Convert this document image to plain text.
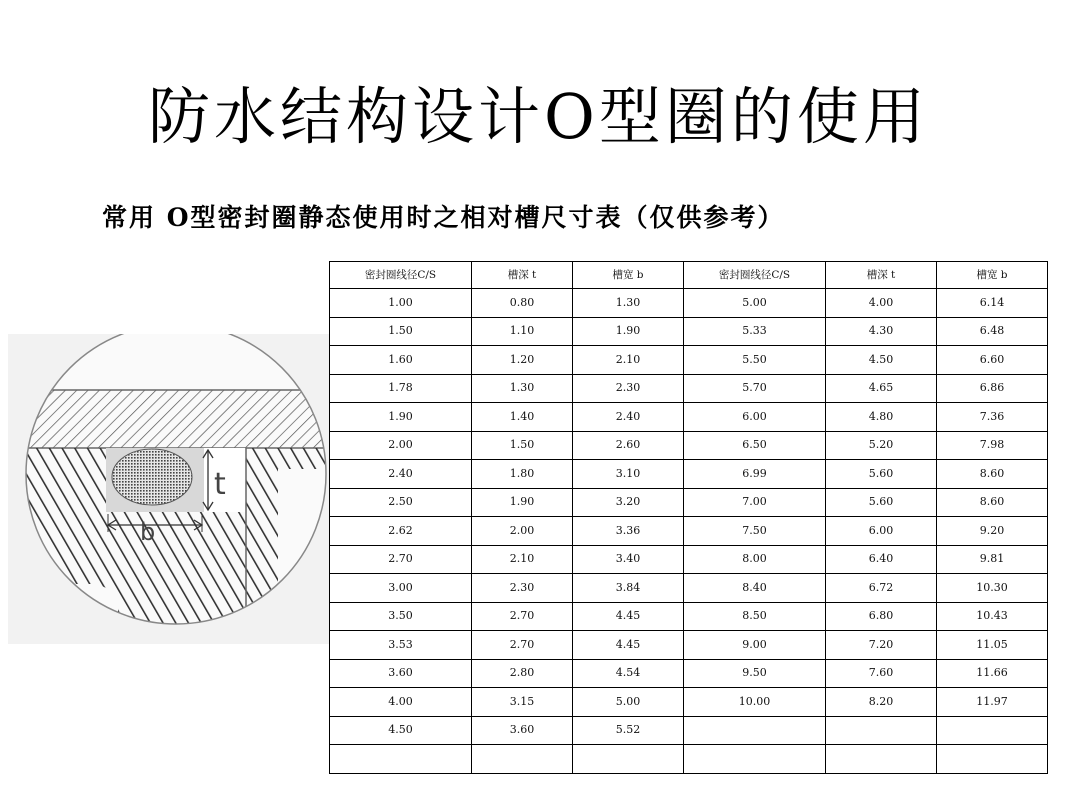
防水结构设计O型圈的使用
常用 O型密封圈静态使用时之相对槽尺寸表（仅供参考）
t
b
密封圈线径C/S	槽深 t	槽宽 b	密封圈线径C/S	槽深 t	槽宽 b
1.00	0.80	1.30	5.00	4.00	6.14
1.50	1.10	1.90	5.33	4.30	6.48
1.60	1.20	2.10	5.50	4.50	6.60
1.78	1.30	2.30	5.70	4.65	6.86
1.90	1.40	2.40	6.00	4.80	7.36
2.00	1.50	2.60	6.50	5.20	7.98
2.40	1.80	3.10	6.99	5.60	8.60
2.50	1.90	3.20	7.00	5.60	8.60
2.62	2.00	3.36	7.50	6.00	9.20
2.70	2.10	3.40	8.00	6.40	9.81
3.00	2.30	3.84	8.40	6.72	10.30
3.50	2.70	4.45	8.50	6.80	10.43
3.53	2.70	4.45	9.00	7.20	11.05
3.60	2.80	4.54	9.50	7.60	11.66
4.00	3.15	5.00	10.00	8.20	11.97
4.50	3.60	5.52			
